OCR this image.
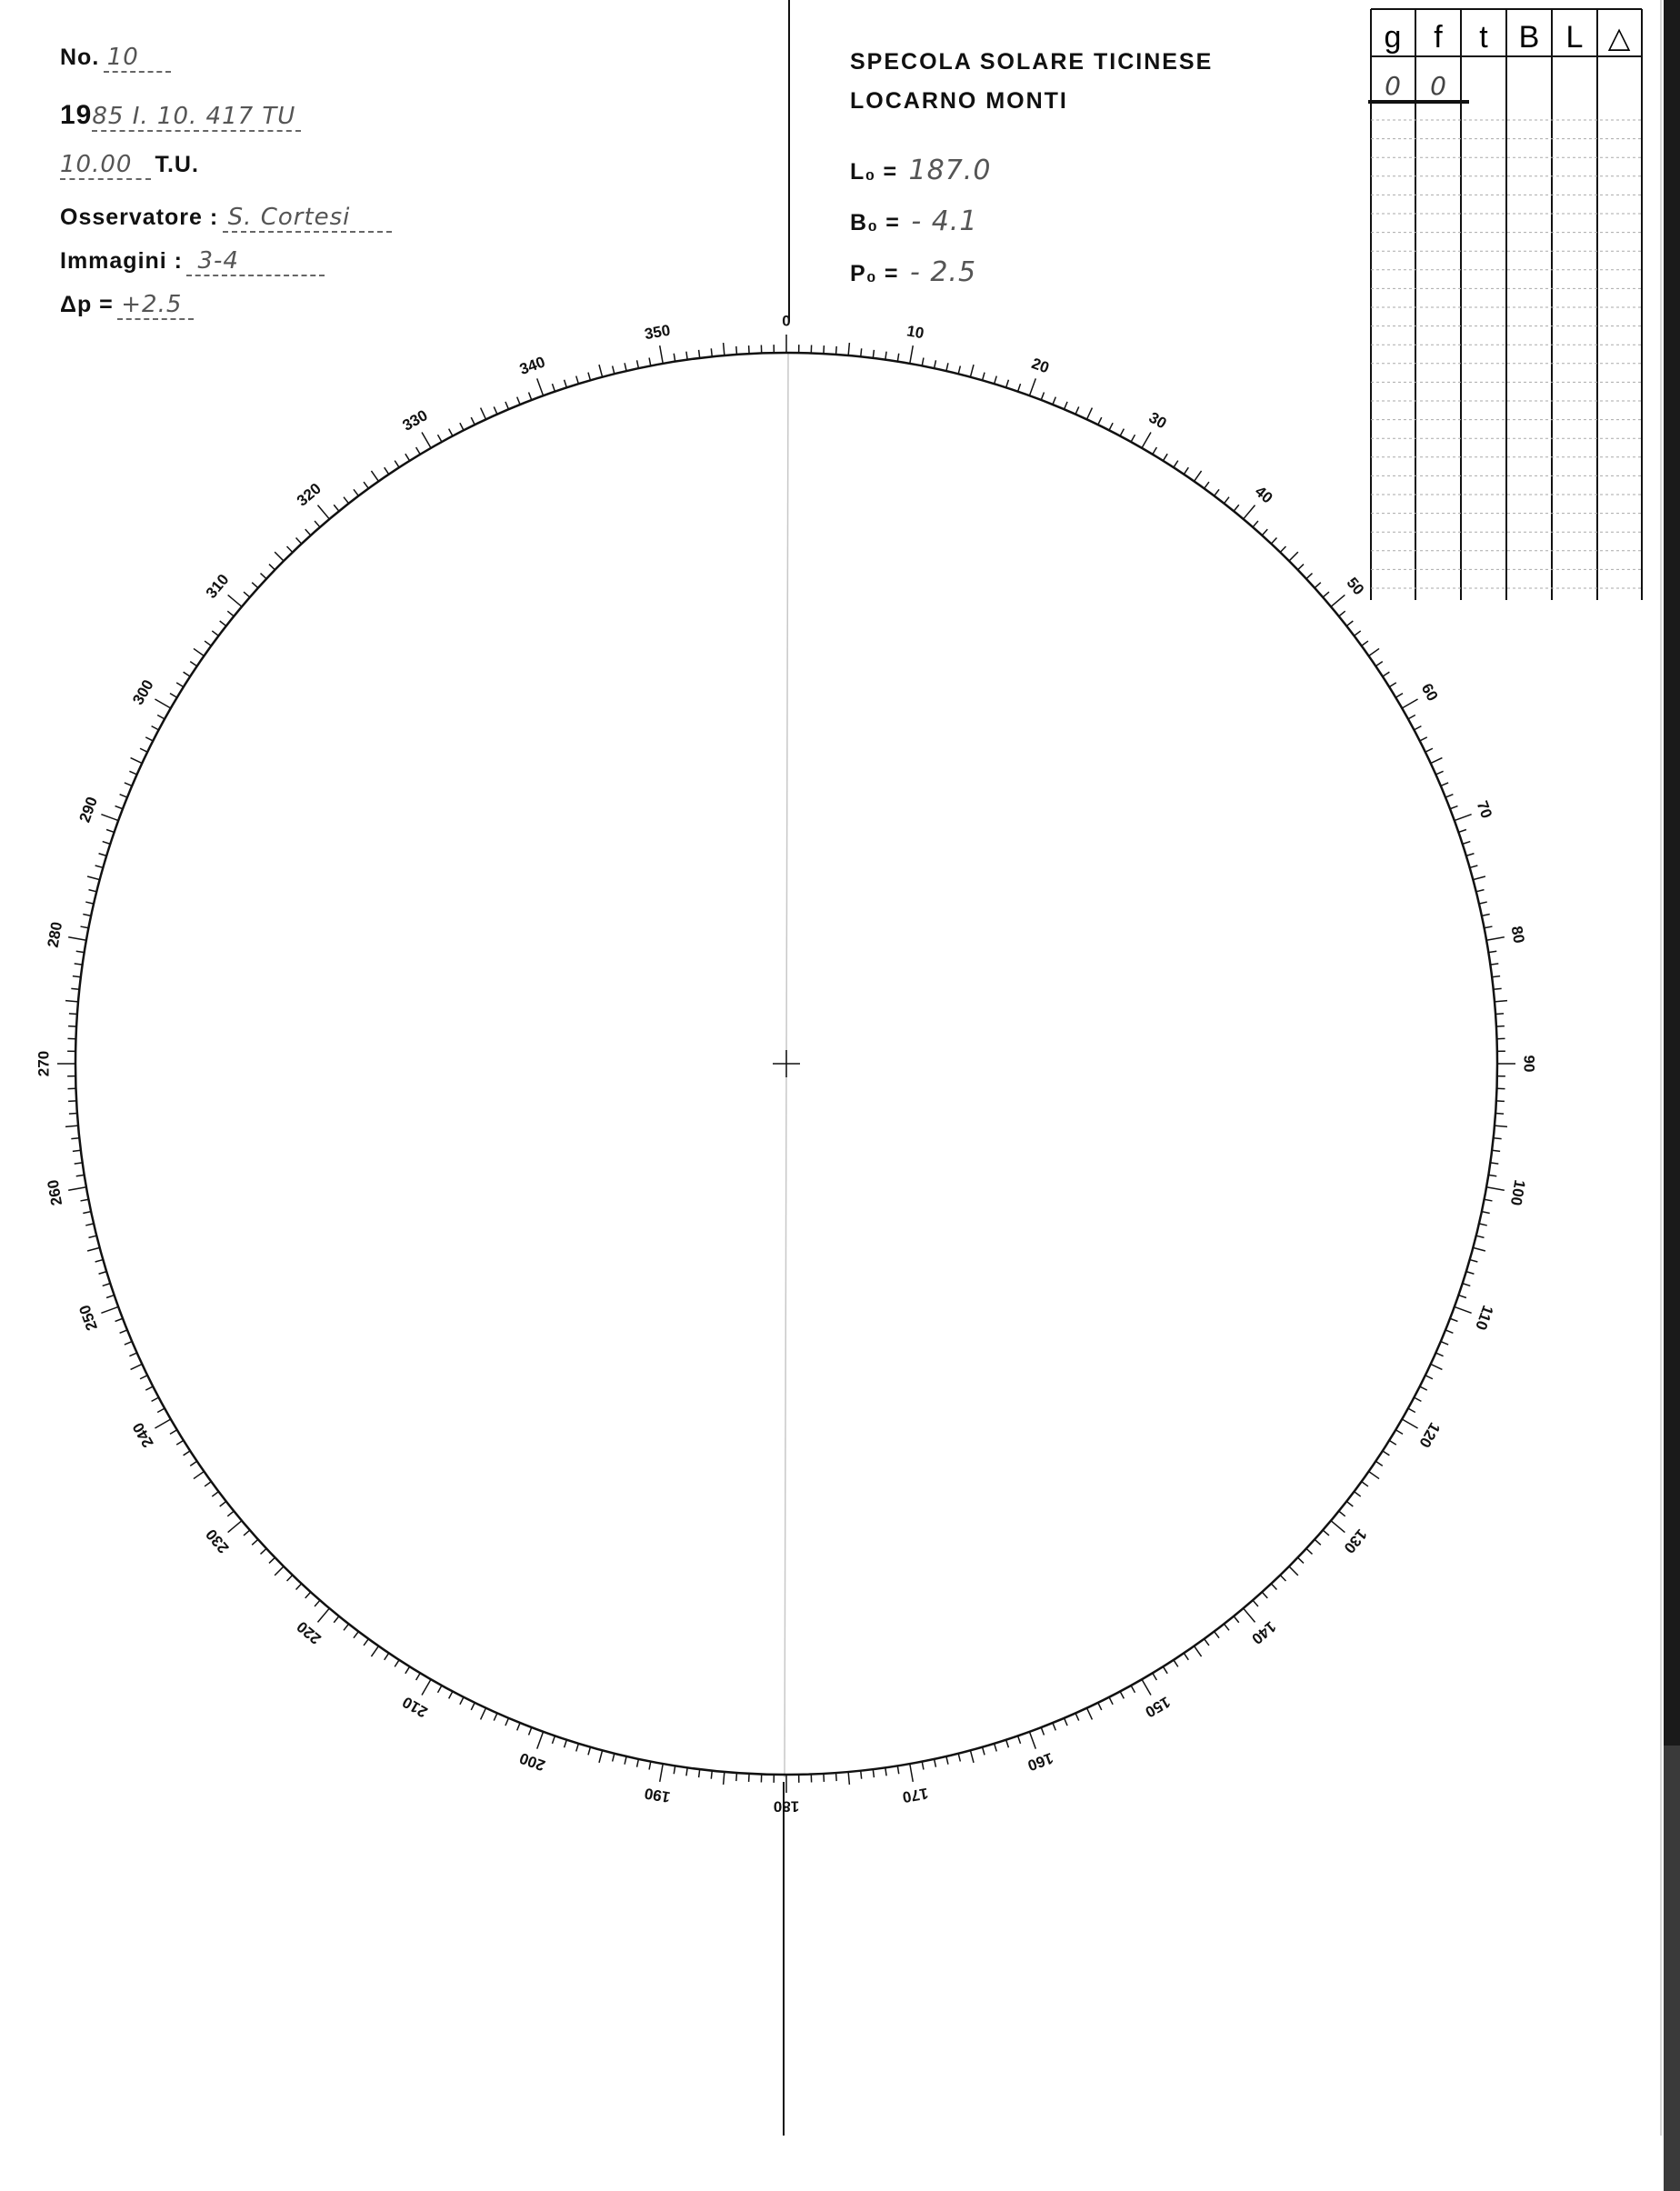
No. 10
1985 I. 10. 417 TU
10.00 T.U.
Osservatore : S. Cortesi
Immagini : 3-4
Δp = +2.5
SPECOLA SOLARE TICINESE
LOCARNO MONTI
L₀ = 187.0
B₀ = - 4.1
P₀ = - 2.5
g f t B L △
0 0
0
10
20
30
40
50
60
70
80
90
100
110
120
130
140
150
160
170
180
190
200
210
220
230
240
250
260
270
280
290
300
310
320
330
340
350
